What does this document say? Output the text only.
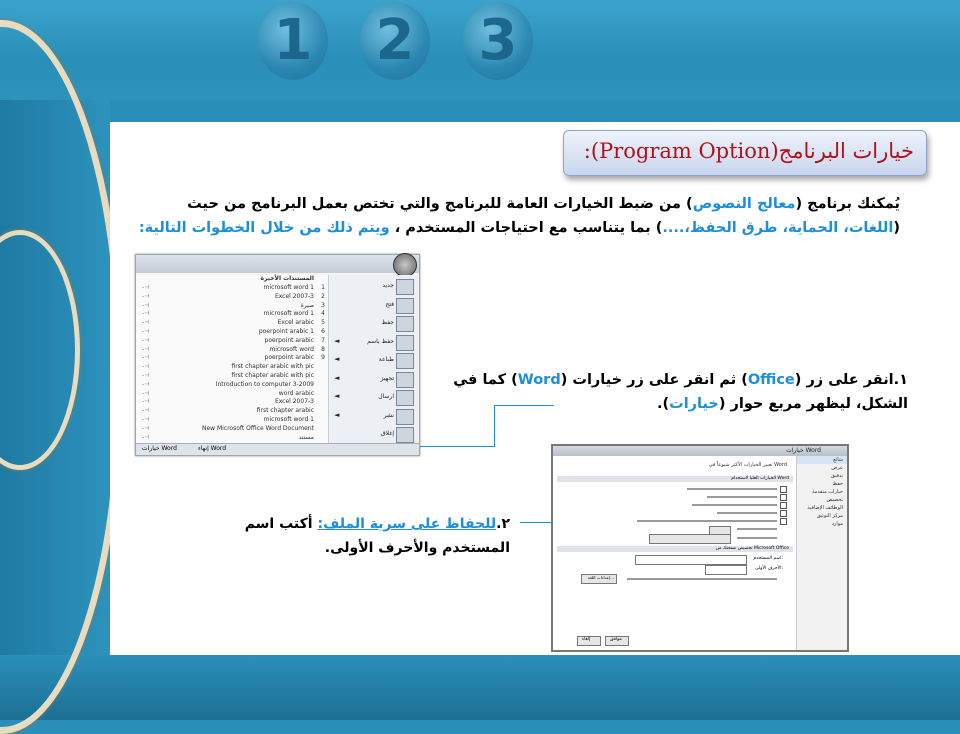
1 2 3
خيارات البرنامج(Program Option):
يُمكنك برنامج (معالج النصوص) من ضبط الخيارات العامة للبرنامج والتي تختص بعمل البرنامج من حيث (اللغات، الحماية، طرق الحفظ،....) بما يتناسب مع احتياجات المستخدم ، ويتم ذلك من خلال الخطوات التالية:
المستندات الأخيرة
-⊣	microsoft word 1 1
-⊣	Excel 2007-3 2
-⊣	صيرة 3
-⊣	microsoft word 1 4
-⊣	Excel arabic 5
-⊣	poerpoint arabic 1 6
-⊣	poerpoint arabic 7
-⊣	microsoft word 8
-⊣	poerpoint arabic 9
-⊣	first chapter arabic with pic
-⊣	first chapter arabic with pic
-⊣	Introduction to computer 3-2009
-⊣	word arabic
-⊣	Excel 2007-3
-⊣	first chapter arabic
-⊣	microsoft word 1
-⊣	New Microsoft Office Word Document
-⊣	مستند
جديد
فتح
حفظ
حفظ باسم
◄
طباعة
◄
تجهيز
◄
ارسال
◄
نشر
◄
إغلاق
خيارات Word	إنهاء Word
١.انقر على زر (Office) ثم انقر على زر خيارات (Word) كما في الشكل، ليظهر مربع حوار (خيارات).
خيارات Word
شائع
عرض
تدقيق
حفظ
خيارات متقدمة
تخصيص
الوظائف الإضافية
مركز التوثيق
موارد
تغيير الخيارات الأكثر شيوعاً في Word
الخيارات العليا لاستخدام Word
تخصيص نسختك من Microsoft Office
اسم المستخدم:
الأحرف الأولى:
إعدادات اللغة...
إلغاء	موافق
٢.للحفاظ على سرية الملف: أكتب اسم المستخدم والأحرف الأولى.
